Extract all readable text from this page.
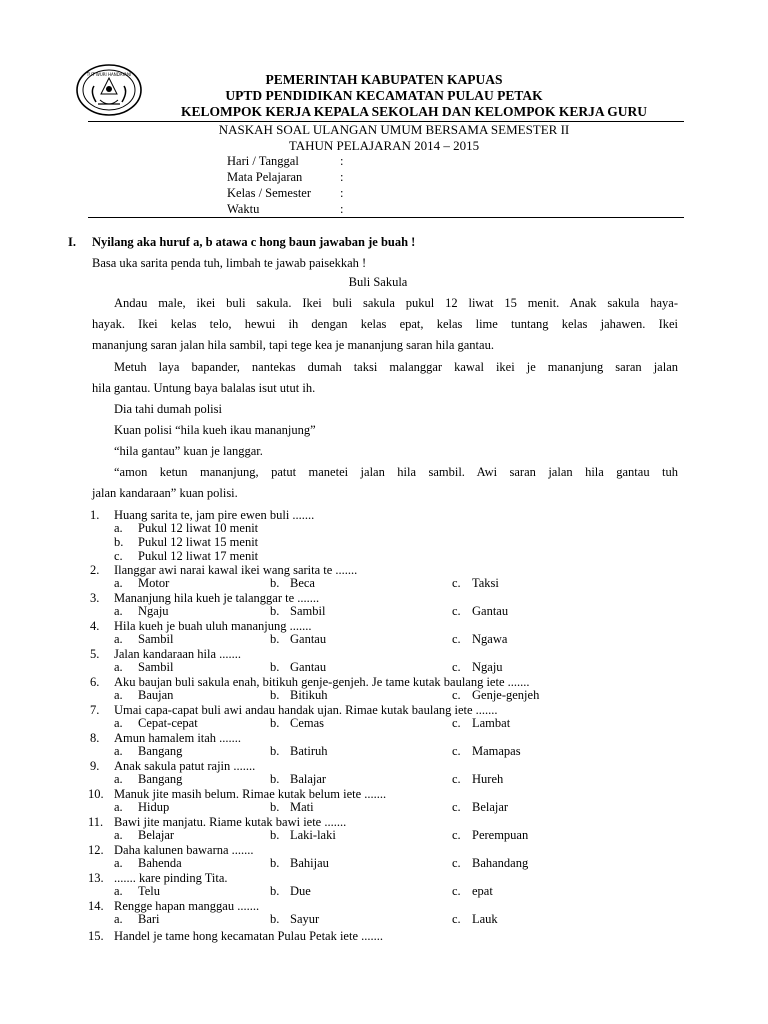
TUT WURI HANDAYANI	PEMERINTAH KABUPATEN KAPUAS
UPTD PENDIDIKAN KECAMATAN PULAU PETAK
KELOMPOK KERJA KEPALA SEKOLAH DAN KELOMPOK KERJA GURU
NASKAH SOAL ULANGAN UMUM BERSAMA SEMESTER II
TAHUN PELAJARAN 2014 – 2015
Hari / Tanggal	:
Mata Pelajaran	:
Kelas / Semester :
Waktu	:
I. Nyilang aka huruf a, b atawa c hong baun jawaban je buah !
Basa uka sarita penda tuh, limbah te jawab paisekkah !
Buli Sakula
Andau male, ikei buli sakula. Ikei buli sakula pukul 12 liwat 15 menit. Anak sakula haya-
hayak. Ikei kelas telo, hewui ih dengan kelas epat, kelas lime tuntang kelas jahawen. Ikei
mananjung saran jalan hila sambil, tapi tege kea je mananjung saran hila gantau.
Metuh laya bapander, nantekas dumah taksi malanggar kawal ikei je mananjung saran jalan
hila gantau. Untung baya balalas isut utut ih.
Dia tahi dumah polisi
Kuan polisi “hila kueh ikau mananjung”
“hila gantau” kuan je langgar.
“amon ketun mananjung, patut manetei jalan hila sambil. Awi saran jalan hila gantau tuh
jalan kandaraan” kuan polisi.
1. Huang sarita te, jam pire ewen buli .......
a. Pukul 12 liwat 10 menit
b. Pukul 12 liwat 15 menit
c. Pukul 12 liwat 17 menit
2. Ilanggar awi narai kawal ikei wang sarita te .......
a. Motor	b. Beca	c. Taksi
3. Mananjung hila kueh je talanggar te .......
a. Ngaju	b. Sambil	c. Gantau
4. Hila kueh je buah uluh mananjung .......
a. Sambil	b. Gantau	c. Ngawa
5. Jalan kandaraan hila .......
a. Sambil	b. Gantau	c. Ngaju
6. Aku baujan buli sakula enah, bitikuh genje-genjeh. Je tame kutak baulang iete .......
a. Baujan	b. Bitikuh	c. Genje-genjeh
7. Umai capa-capat buli awi andau handak ujan. Rimae kutak baulang iete .......
a. Cepat-cepat	b. Cemas	c. Lambat
8. Amun hamalem itah .......
a. Bangang	b. Batiruh	c. Mamapas
9. Anak sakula patut rajin .......
a. Bangang	b. Balajar	c. Hureh
10. Manuk jite masih belum. Rimae kutak belum iete .......
a. Hidup	b. Mati	c. Belajar
11. Bawi jite manjatu. Riame kutak bawi iete .......
a. Belajar	b. Laki-laki	c. Perempuan
12. Daha kalunen bawarna .......
a. Bahenda	b. Bahijau	c. Bahandang
13. ....... kare pinding Tita.
a. Telu	b. Due	c. epat
14. Rengge hapan manggau .......
a. Bari	b. Sayur	c. Lauk
15. Handel je tame hong kecamatan Pulau Petak iete .......
